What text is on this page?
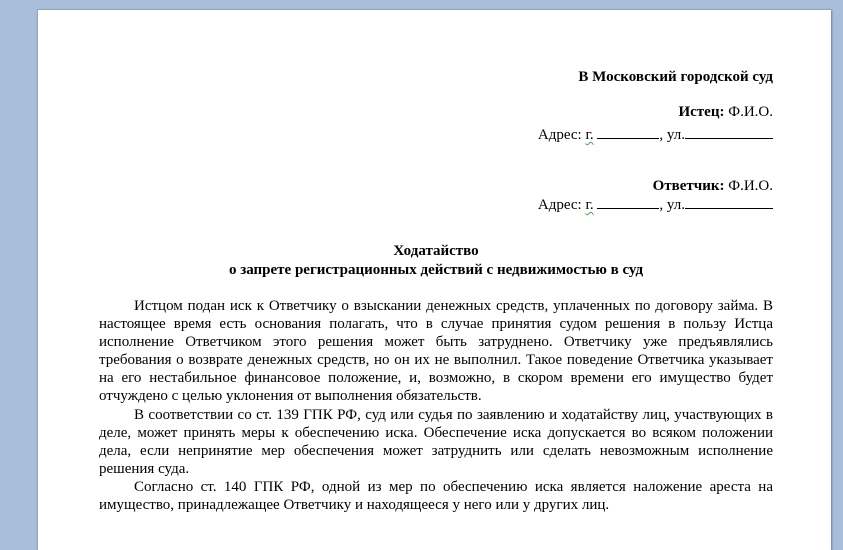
В Московский городской суд
Истец: Ф.И.О.
Адрес: г.	, ул.
Ответчик: Ф.И.О.
Адрес: г.	, ул.
Ходатайство
о запрете регистрационных действий с недвижимостью в суд

Истцом подан иск к Ответчику о взыскании денежных средств, уплаченных по договору займа. В настоящее время есть основания полагать, что в случае принятия судом решения в пользу Истца исполнение Ответчиком этого решения может быть затруднено. Ответчику уже предъявлялись требования о возврате денежных средств, но он их не выполнил. Такое поведение Ответчика указывает на его нестабильное финансовое положение, и, возможно, в скором времени его имущество будет отчуждено с целью уклонения от выполнения обязательств.

В соответствии со ст. 139 ГПК РФ, суд или судья по заявлению и ходатайству лиц, участвующих в деле, может принять меры к обеспечению иска. Обеспечение иска допускается во всяком положении дела, если непринятие мер обеспечения может затруднить или сделать невозможным исполнение решения суда.

Согласно ст. 140 ГПК РФ, одной из мер по обеспечению иска является наложение ареста на имущество, принадлежащее Ответчику и находящееся у него или у других лиц.
